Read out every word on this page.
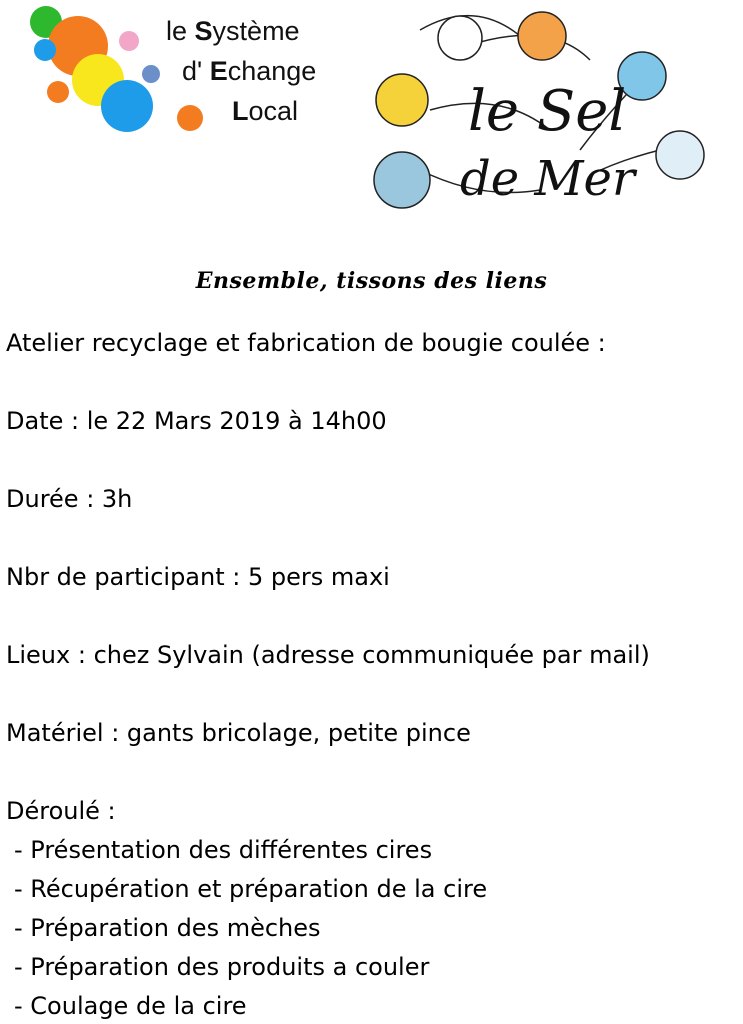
le Système
d' Echange
Local	le Sel
de Mer
Ensemble, tissons des liens
Atelier recyclage et fabrication de bougie coulée :
Date : le 22 Mars 2019 à 14h00
Durée : 3h
Nbr de participant : 5 pers maxi
Lieux : chez Sylvain (adresse communiquée par mail)
Matériel : gants bricolage, petite pince
Déroulé :
- Présentation des différentes cires
- Récupération et préparation de la cire
- Préparation des mèches
- Préparation des produits a couler
- Coulage de la cire
